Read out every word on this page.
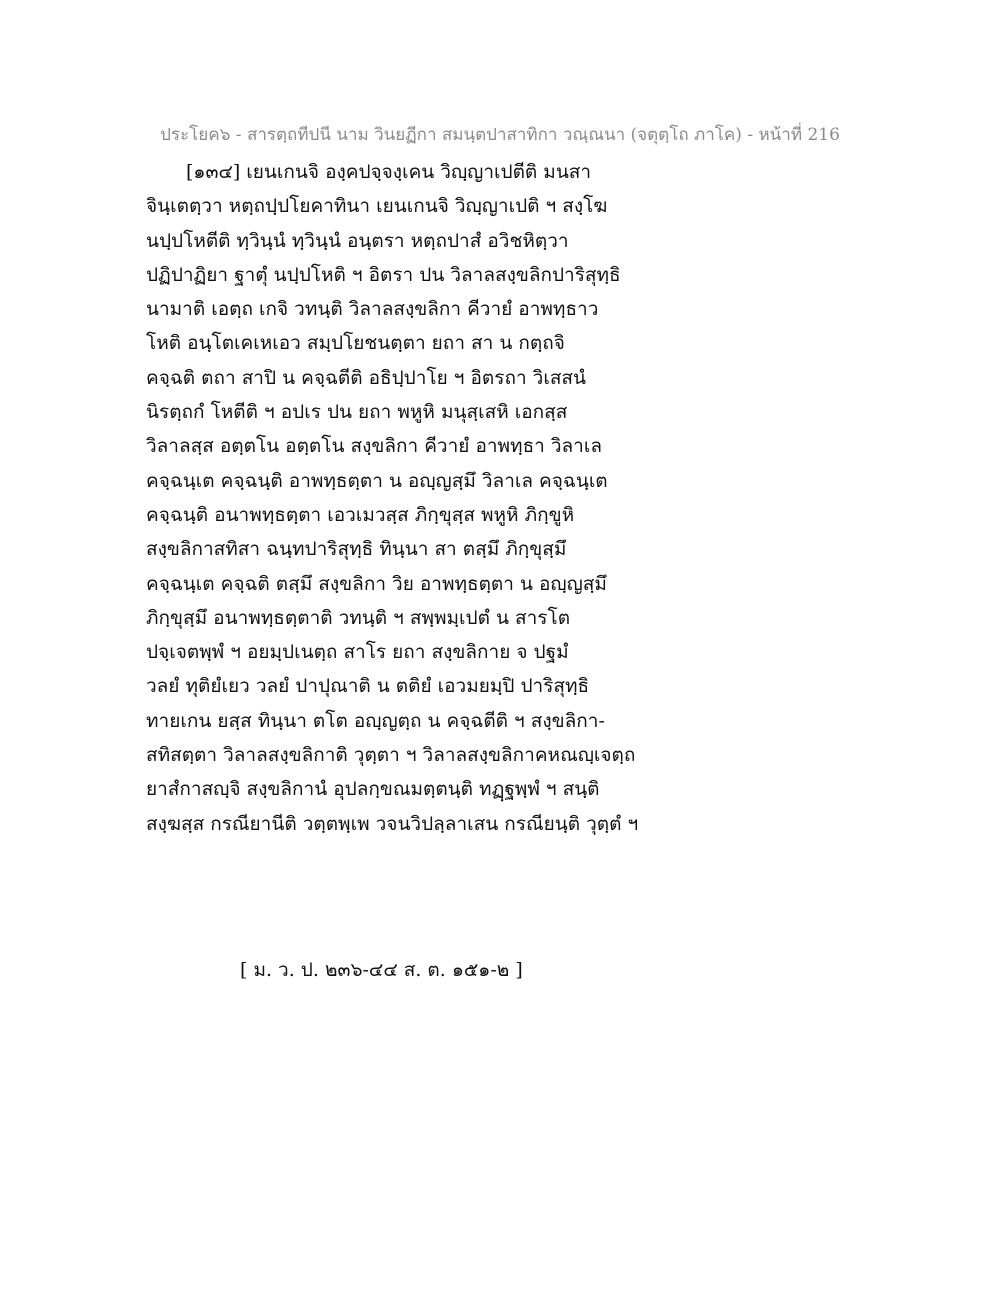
ประโยค๖ - สารตฺถทีปนี นาม วินยฏีกา สมนฺตปาสาทิกา วณฺณนา (จตุตฺโถ ภาโค) - หน้าที่ 216
[๑๓๔] เยนเกนจิ องฺคปจฺจงฺเคน วิญฺญาเปตีติ มนสา
จินฺเตตฺวา หตฺถปฺปโยคาทินา เยนเกนจิ วิญฺญาเปติ ฯ สงฺโฆ
นปฺปโหตีติ ทฺวินฺนํ ทฺวินฺนํ อนฺตรา หตฺถปาสํ อวิชหิตฺวา
ปฏิปาฏิยา ฐาตุํ นปฺปโหติ ฯ อิตรา ปน วิลาลสงฺขลิกปาริสุทฺธิ
นามาติ เอตฺถ เกจิ วทนฺติ วิลาลสงฺขลิกา คีวายํ อาพทฺธาว
โหติ อนฺโตเคเหเอว สมฺปโยชนตฺตา ยถา สา น กตฺถจิ
คจฺฉติ ตถา สาปิ น คจฺฉตีติ อธิปฺปาโย ฯ อิตรถา วิเสสนํ
นิรตฺถกํ โหตีติ ฯ อปเร ปน ยถา พหูหิ มนุสฺเสหิ เอกสฺส
วิลาลสฺส อตฺตโน อตฺตโน สงฺขลิกา คีวายํ อาพทฺธา วิลาเล
คจฺฉนฺเต คจฺฉนฺติ อาพทฺธตฺตา น อญฺญสฺมึ วิลาเล คจฺฉนฺเต
คจฺฉนฺติ อนาพทฺธตฺตา เอวเมวสฺส ภิกฺขุสฺส พหูหิ ภิกฺขูหิ
สงฺขลิกาสทิสา ฉนฺทปาริสุทฺธิ ทินฺนา สา ตสฺมึ ภิกฺขุสฺมึ
คจฺฉนฺเต คจฺฉติ ตสฺมึ สงฺขลิกา วิย อาพทฺธตฺตา น อญฺญสฺมึ
ภิกฺขุสฺมึ อนาพทฺธตฺตาติ วทนฺติ ฯ สพฺพมฺเปตํ น สารโต
ปจฺเจตพฺพํ ฯ อยมฺปเนตฺถ สาโร ยถา สงฺขลิกาย จ ปฐมํ
วลยํ ทุติยํเยว วลยํ ปาปุณาติ น ตติยํ เอวมยมฺปิ ปาริสุทฺธิ
ทายเกน ยสฺส ทินฺนา ตโต อญฺญตฺถ น คจฺฉตีติ ฯ สงฺขลิกา-
สทิสตฺตา วิลาลสงฺขลิกาติ วุตฺตา ฯ วิลาลสงฺขลิกาคหณญฺเจตฺถ
ยาสํกาสญฺจิ สงฺขลิกานํ อุปลกฺขณมตฺตนฺติ ทฏฺฐพฺพํ ฯ สนฺติ
สงฺฆสฺส กรณียานีติ วตฺตพฺเพ วจนวิปลฺลาเสน กรณียนฺติ วุตฺตํ ฯ
[ ม. ว. ป. ๒๓๖-๔๔ ส. ต. ๑๕๑-๒ ]
